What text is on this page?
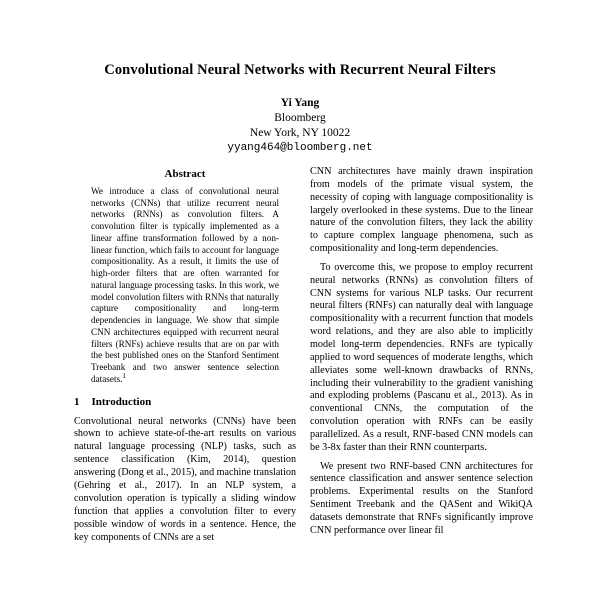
Convolutional Neural Networks with Recurrent Neural Filters
Yi Yang
Bloomberg
New York, NY 10022
yyang464@bloomberg.net
Abstract
We introduce a class of convolutional neural networks (CNNs) that utilize recurrent neural networks (RNNs) as convolution filters. A convolution filter is typically implemented as a linear affine transformation followed by a non-linear function, which fails to account for language compositionality. As a result, it limits the use of high-order filters that are often warranted for natural language processing tasks. In this work, we model convolution filters with RNNs that naturally capture compositionality and long-term dependencies in language. We show that simple CNN architectures equipped with recurrent neural filters (RNFs) achieve results that are on par with the best published ones on the Stanford Sentiment Treebank and two answer sentence selection datasets.$^1$
1 Introduction

Convolutional neural networks (CNNs) have been shown to achieve state-of-the-art results on various natural language processing (NLP) tasks, such as sentence classification (Kim, 2014), question answering (Dong et al., 2015), and machine translation (Gehring et al., 2017). In an NLP system, a convolution operation is typically a sliding window function that applies a convolution filter to every possible window of words in a sentence. Hence, the key components of CNNs are a set

CNN architectures have mainly drawn inspiration from models of the primate visual system, the necessity of coping with language compositionality is largely overlooked in these systems. Due to the linear nature of the convolution filters, they lack the ability to capture complex language phenomena, such as compositionality and long-term dependencies.

To overcome this, we propose to employ recurrent neural networks (RNNs) as convolution filters of CNN systems for various NLP tasks. Our recurrent neural filters (RNFs) can naturally deal with language compositionality with a recurrent function that models word relations, and they are also able to implicitly model long-term dependencies. RNFs are typically applied to word sequences of moderate lengths, which alleviates some well-known drawbacks of RNNs, including their vulnerability to the gradient vanishing and exploding problems (Pascanu et al., 2013). As in conventional CNNs, the computation of the convolution operation with RNFs can be easily parallelized. As a result, RNF-based CNN models can be 3-8x faster than their RNN counterparts.

We present two RNF-based CNN architectures for sentence classification and answer sentence selection problems. Experimental results on the Stanford Sentiment Treebank and the QASent and WikiQA datasets demonstrate that RNFs significantly improve CNN performance over linear fil
